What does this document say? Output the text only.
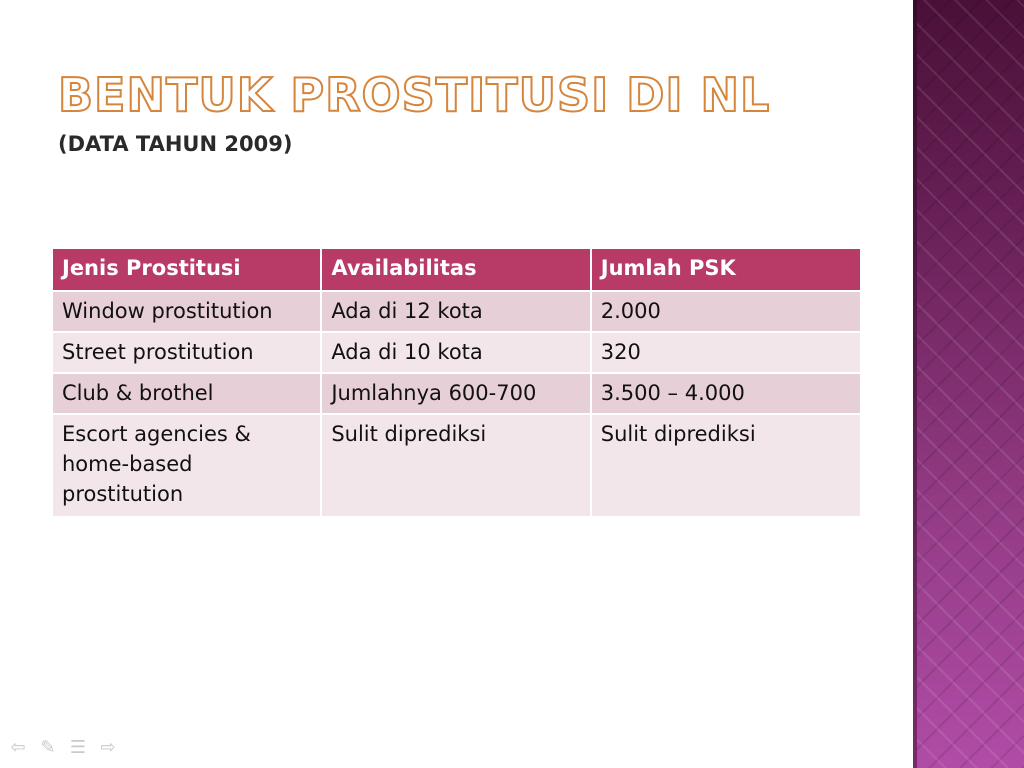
BENTUK PROSTITUSI DI NL
(DATA TAHUN 2009)
Jenis Prostitusi	Availabilitas	Jumlah PSK
Window prostitution	Ada di 12 kota	2.000
Street prostitution	Ada di 10 kota	320
Club & brothel	Jumlahnya 600-700	3.500 – 4.000
Escort agencies & home-based prostitution	Sulit diprediksi	Sulit diprediksi
⇦ ✎ ☰ ⇨
